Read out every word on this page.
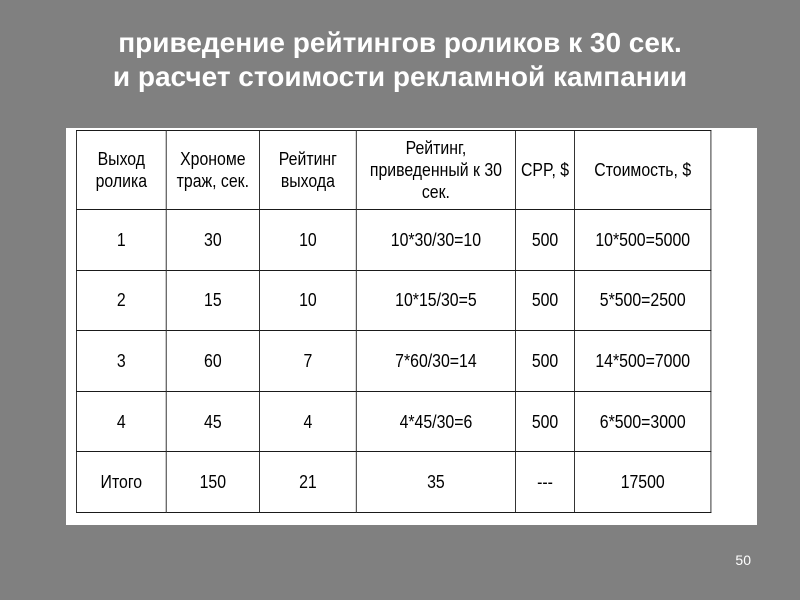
приведение рейтингов роликов к 30 сек.
и расчет стоимости рекламной кампании
Выход ролика	Хрономе траж, сек.	Рейтинг выхода	Рейтинг, приведенный к 30 сек.	CPP, $	Стоимость, $
1	30	10	10*30/30=10	500	10*500=5000
2	15	10	10*15/30=5	500	5*500=2500
3	60	7	7*60/30=14	500	14*500=7000
4	45	4	4*45/30=6	500	6*500=3000
Итого	150	21	35	---	17500
50
